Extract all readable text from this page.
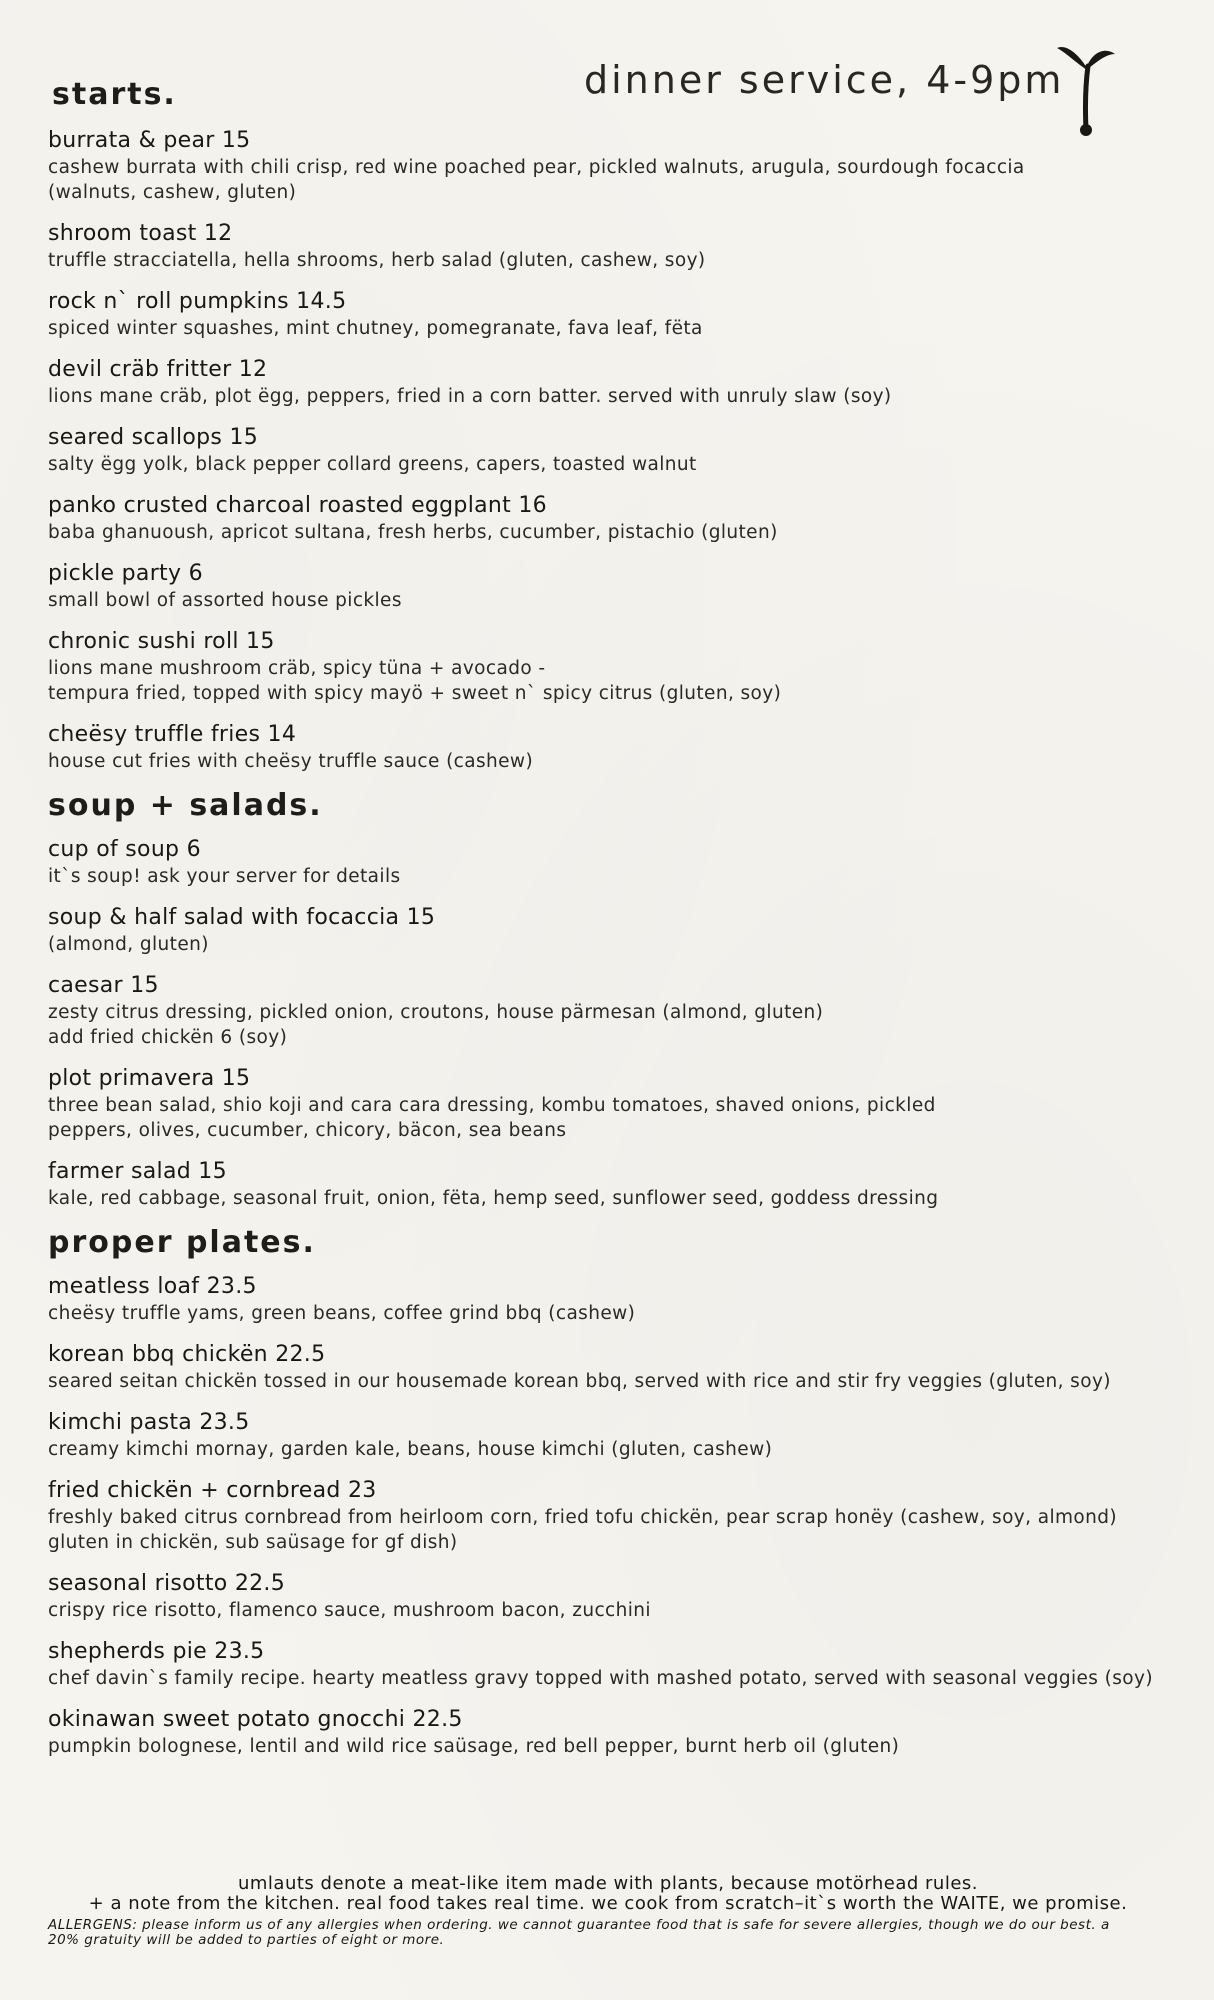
dinner service, 4-9pm
starts.
burrata & pear 15
cashew burrata with chili crisp, red wine poached pear, pickled walnuts, arugula, sourdough focaccia
(walnuts, cashew, gluten)
shroom toast 12
truffle stracciatella, hella shrooms, herb salad (gluten, cashew, soy)
rock n` roll pumpkins 14.5
spiced winter squashes, mint chutney, pomegranate, fava leaf, fëta
devil cräb fritter 12
lions mane cräb, plot ëgg, peppers, fried in a corn batter. served with unruly slaw (soy)
seared scallops 15
salty ëgg yolk, black pepper collard greens, capers, toasted walnut
panko crusted charcoal roasted eggplant 16
baba ghanuoush, apricot sultana, fresh herbs, cucumber, pistachio (gluten)
pickle party 6
small bowl of assorted house pickles
chronic sushi roll 15
lions mane mushroom cräb, spicy tüna + avocado -
tempura fried, topped with spicy mayö + sweet n` spicy citrus (gluten, soy)
cheësy truffle fries 14
house cut fries with cheësy truffle sauce (cashew)
soup + salads.
cup of soup 6
it`s soup! ask your server for details
soup & half salad with focaccia 15
(almond, gluten)
caesar 15
zesty citrus dressing, pickled onion, croutons, house pärmesan (almond, gluten)
add fried chickën 6 (soy)
plot primavera 15
three bean salad, shio koji and cara cara dressing, kombu tomatoes, shaved onions, pickled
peppers, olives, cucumber, chicory, bäcon, sea beans
farmer salad 15
kale, red cabbage, seasonal fruit, onion, fëta, hemp seed, sunflower seed, goddess dressing
proper plates.
meatless loaf 23.5
cheësy truffle yams, green beans, coffee grind bbq (cashew)
korean bbq chickën 22.5
seared seitan chickën tossed in our housemade korean bbq, served with rice and stir fry veggies (gluten, soy)
kimchi pasta 23.5
creamy kimchi mornay, garden kale, beans, house kimchi (gluten, cashew)
fried chickën + cornbread 23
freshly baked citrus cornbread from heirloom corn, fried tofu chickën, pear scrap honëy (cashew, soy, almond)
gluten in chickën, sub saüsage for gf dish)
seasonal risotto 22.5
crispy rice risotto, flamenco sauce, mushroom bacon, zucchini
shepherds pie 23.5
chef davin`s family recipe. hearty meatless gravy topped with mashed potato, served with seasonal veggies (soy)
okinawan sweet potato gnocchi 22.5
pumpkin bolognese, lentil and wild rice saüsage, red bell pepper, burnt herb oil (gluten)
umlauts denote a meat-like item made with plants, because motörhead rules.
+ a note from the kitchen. real food takes real time. we cook from scratch–it`s worth the WAITE, we promise.
ALLERGENS: please inform us of any allergies when ordering. we cannot guarantee food that is safe for severe allergies, though we do our best. a 20% gratuity will be added to parties of eight or more.
